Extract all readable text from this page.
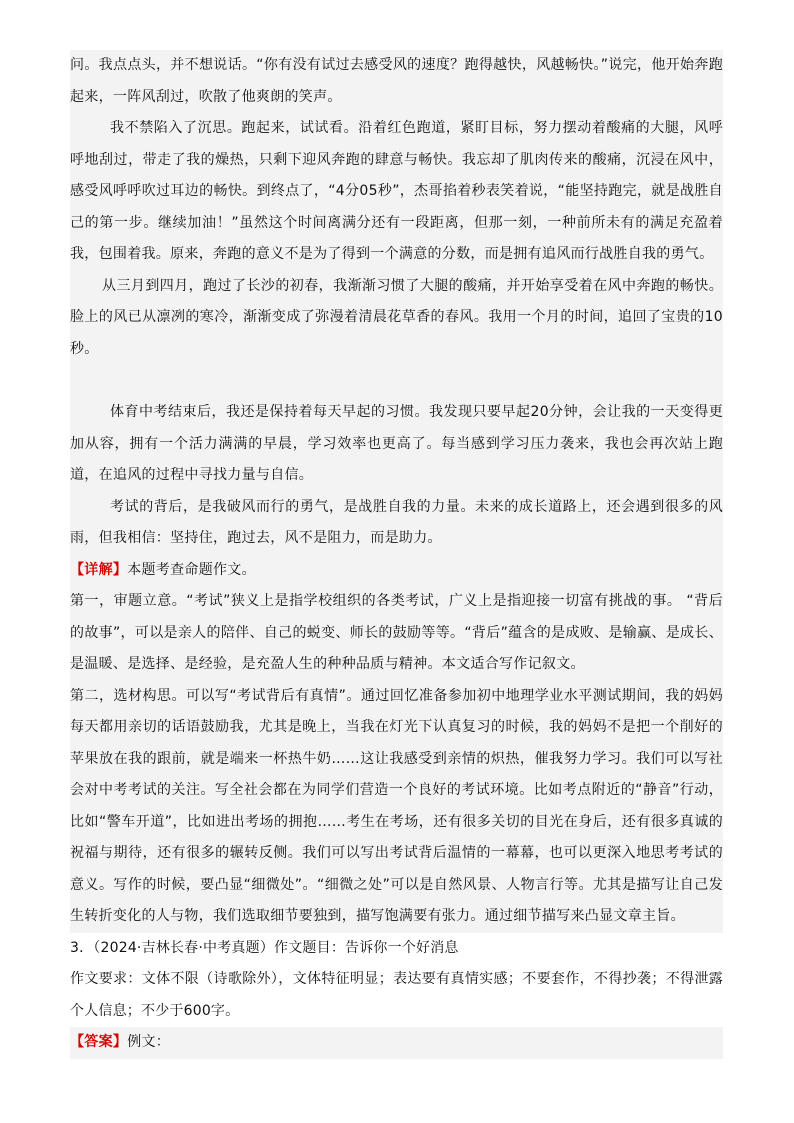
问。我点点头，并不想说话。“你有没有试过去感受风的速度？跑得越快，风越畅快。”说完，他开始奔跑起来，一阵风刮过，吹散了他爽朗的笑声。

我不禁陷入了沉思。跑起来，试试看。沿着红色跑道，紧盯目标，努力摆动着酸痛的大腿，风呼呼地刮过，带走了我的燥热，只剩下迎风奔跑的肆意与畅快。我忘却了肌肉传来的酸痛，沉浸在风中，感受风呼呼吹过耳边的畅快。到终点了，“4分05秒”，杰哥掐着秒表笑着说，“能坚持跑完，就是战胜自己的第一步。继续加油！”虽然这个时间离满分还有一段距离，但那一刻，一种前所未有的满足充盈着我，包围着我。原来，奔跑的意义不是为了得到一个满意的分数，而是拥有追风而行战胜自我的勇气。

从三月到四月，跑过了长沙的初春，我渐渐习惯了大腿的酸痛，并开始享受着在风中奔跑的畅快。脸上的风已从凛冽的寒冷，渐渐变成了弥漫着清晨花草香的春风。我用一个月的时间，追回了宝贵的10秒。

体育中考结束后，我还是保持着每天早起的习惯。我发现只要早起20分钟，会让我的一天变得更加从容，拥有一个活力满满的早晨，学习效率也更高了。每当感到学习压力袭来，我也会再次站上跑道，在追风的过程中寻找力量与自信。

考试的背后，是我破风而行的勇气，是战胜自我的力量。未来的成长道路上，还会遇到很多的风雨，但我相信：坚持住，跑过去，风不是阻力，而是助力。

【详解】本题考查命题作文。

第一，审题立意。“考试”狭义上是指学校组织的各类考试，广义上是指迎接一切富有挑战的事。 “背后的故事”，可以是亲人的陪伴、自己的蜕变、师长的鼓励等等。“背后”蕴含的是成败、是输赢、是成长、是温暖、是选择、是经验，是充盈人生的种种品质与精神。本文适合写作记叙文。

第二，选材构思。可以写“考试背后有真情”。通过回忆准备参加初中地理学业水平测试期间，我的妈妈每天都用亲切的话语鼓励我，尤其是晚上，当我在灯光下认真复习的时候，我的妈妈不是把一个削好的苹果放在我的跟前，就是端来一杯热牛奶……这让我感受到亲情的炽热，催我努力学习。我们可以写社会对中考考试的关注。写全社会都在为同学们营造一个良好的考试环境。比如考点附近的“静音”行动，比如“警车开道”，比如进出考场的拥抱……考生在考场，还有很多关切的目光在身后，还有很多真诚的祝福与期待，还有很多的辗转反侧。我们可以写出考试背后温情的一幕幕，也可以更深入地思考考试的意义。写作的时候，要凸显“细微处”。“细微之处”可以是自然风景、人物言行等。尤其是描写让自己发生转折变化的人与物，我们选取细节要独到，描写饱满要有张力。通过细节描写来凸显文章主旨。

3．（2024·吉林长春·中考真题）作文题目：告诉你一个好消息

作文要求：文体不限（诗歌除外），文体特征明显；表达要有真情实感；不要套作，不得抄袭；不得泄露个人信息；不少于600字。

【答案】例文：
